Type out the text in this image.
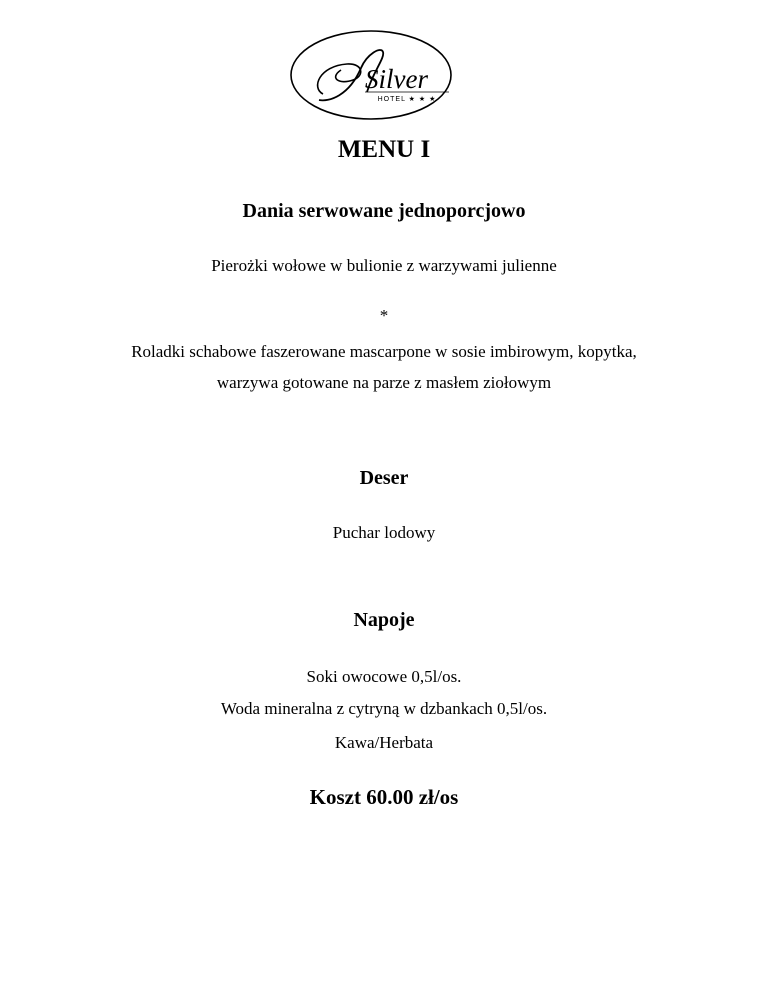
Silver
HOTEL ★ ★ ★
MENU I
Dania serwowane jednoporcjowo
Pierożki wołowe w bulionie z warzywami julienne
*
Roladki schabowe faszerowane mascarpone w sosie imbirowym, kopytka,
warzywa gotowane na parze z masłem ziołowym
Deser
Puchar lodowy
Napoje
Soki owocowe 0,5l/os.
Woda mineralna z cytryną w dzbankach 0,5l/os.
Kawa/Herbata
Koszt 60.00 zł/os
